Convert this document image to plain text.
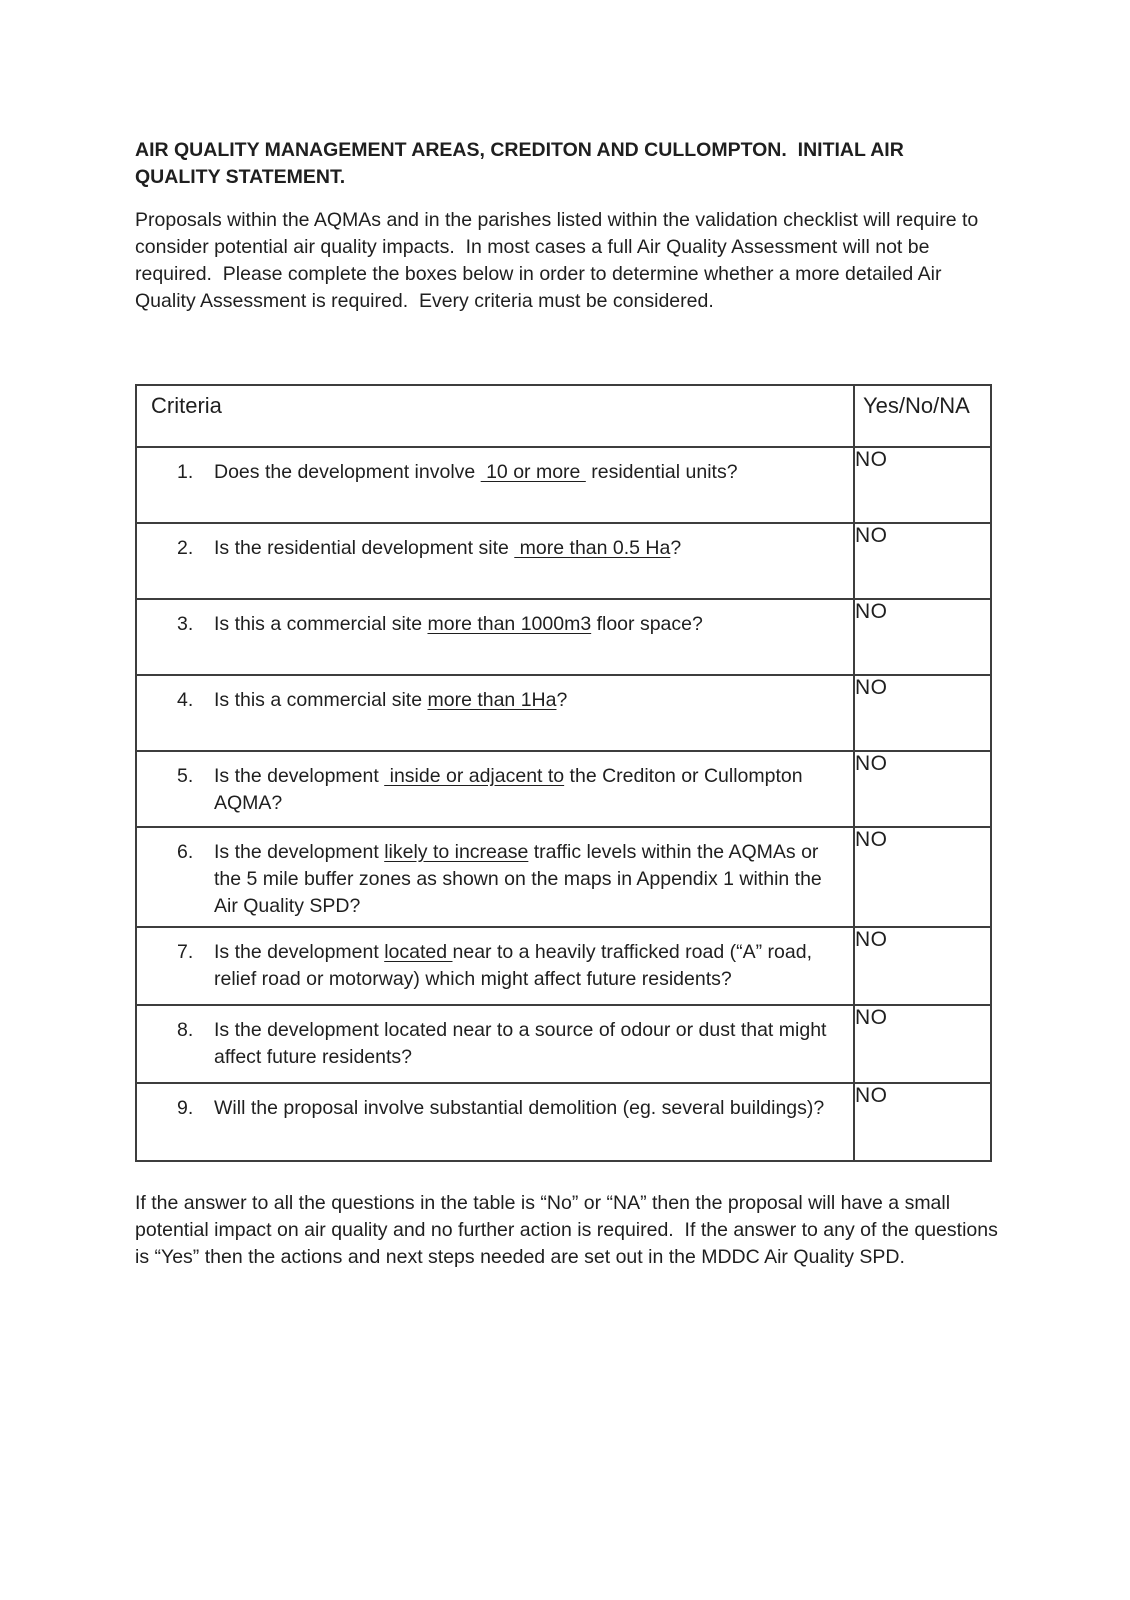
AIR QUALITY MANAGEMENT AREAS, CREDITON AND CULLOMPTON.  INITIAL AIR QUALITY STATEMENT.
Proposals within the AQMAs and in the parishes listed within the validation checklist will require to consider potential air quality impacts.  In most cases a full Air Quality Assessment will not be required.  Please complete the boxes below in order to determine whether a more detailed Air Quality Assessment is required.  Every criteria must be considered.
Criteria	Yes/No/NA

1. Does the development involve  10 or more  residential units?	NO

2. Is the residential development site  more than 0.5 Ha?	NO

3. Is this a commercial site more than 1000m3 floor space?	NO

4. Is this a commercial site more than 1Ha?	NO

5. Is the development  inside or adjacent to the Crediton or Cullompton AQMA?	NO

6. Is the development likely to increase traffic levels within the AQMAs or the 5 mile buffer zones as shown on the maps in Appendix 1 within the Air Quality SPD?	NO

7. Is the development located near to a heavily trafficked road (“A” road, relief road or motorway) which might affect future residents?	NO

8. Is the development located near to a source of odour or dust that might affect future residents?	NO

9. Will the proposal involve substantial demolition (eg. several buildings)?	NO
If the answer to all the questions in the table is “No” or “NA” then the proposal will have a small potential impact on air quality and no further action is required.  If the answer to any of the questions is “Yes” then the actions and next steps needed are set out in the MDDC Air Quality SPD.
